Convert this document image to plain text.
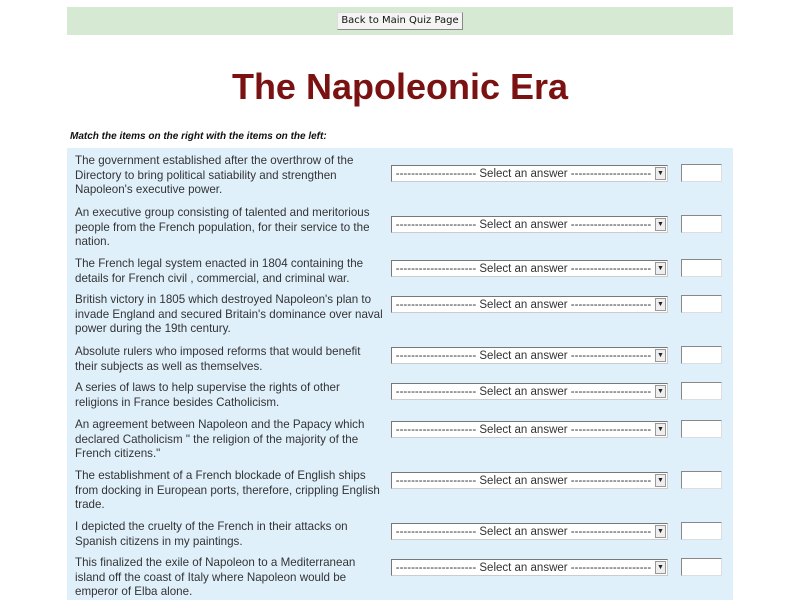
Back to Main Quiz Page
The Napoleonic Era
Match the items on the right with the items on the left:
The government established after the overthrow of the Directory to bring political satiability and strengthen Napoleon's executive power.
--------------------- Select an answer --------------------- ▼
An executive group consisting of talented and meritorious people from the French population, for their service to the nation.
--------------------- Select an answer --------------------- ▼
The French legal system enacted in 1804 containing the details for French civil , commercial, and criminal war.
--------------------- Select an answer --------------------- ▼
British victory in 1805 which destroyed Napoleon's plan to invade England and secured Britain's dominance over naval power during the 19th century.
--------------------- Select an answer --------------------- ▼
Absolute rulers who imposed reforms that would benefit their subjects as well as themselves.
--------------------- Select an answer --------------------- ▼
A series of laws to help supervise the rights of other religions in France besides Catholicism.
--------------------- Select an answer --------------------- ▼
An agreement between Napoleon and the Papacy which declared Catholicism " the religion of the majority of the French citizens."
--------------------- Select an answer --------------------- ▼
The establishment of a French blockade of English ships from docking in European ports, therefore, crippling English trade.
--------------------- Select an answer --------------------- ▼
I depicted the cruelty of the French in their attacks on Spanish citizens in my paintings.
--------------------- Select an answer --------------------- ▼
This finalized the exile of Napoleon to a Mediterranean island off the coast of Italy where Napoleon would be emperor of Elba alone.
--------------------- Select an answer --------------------- ▼
